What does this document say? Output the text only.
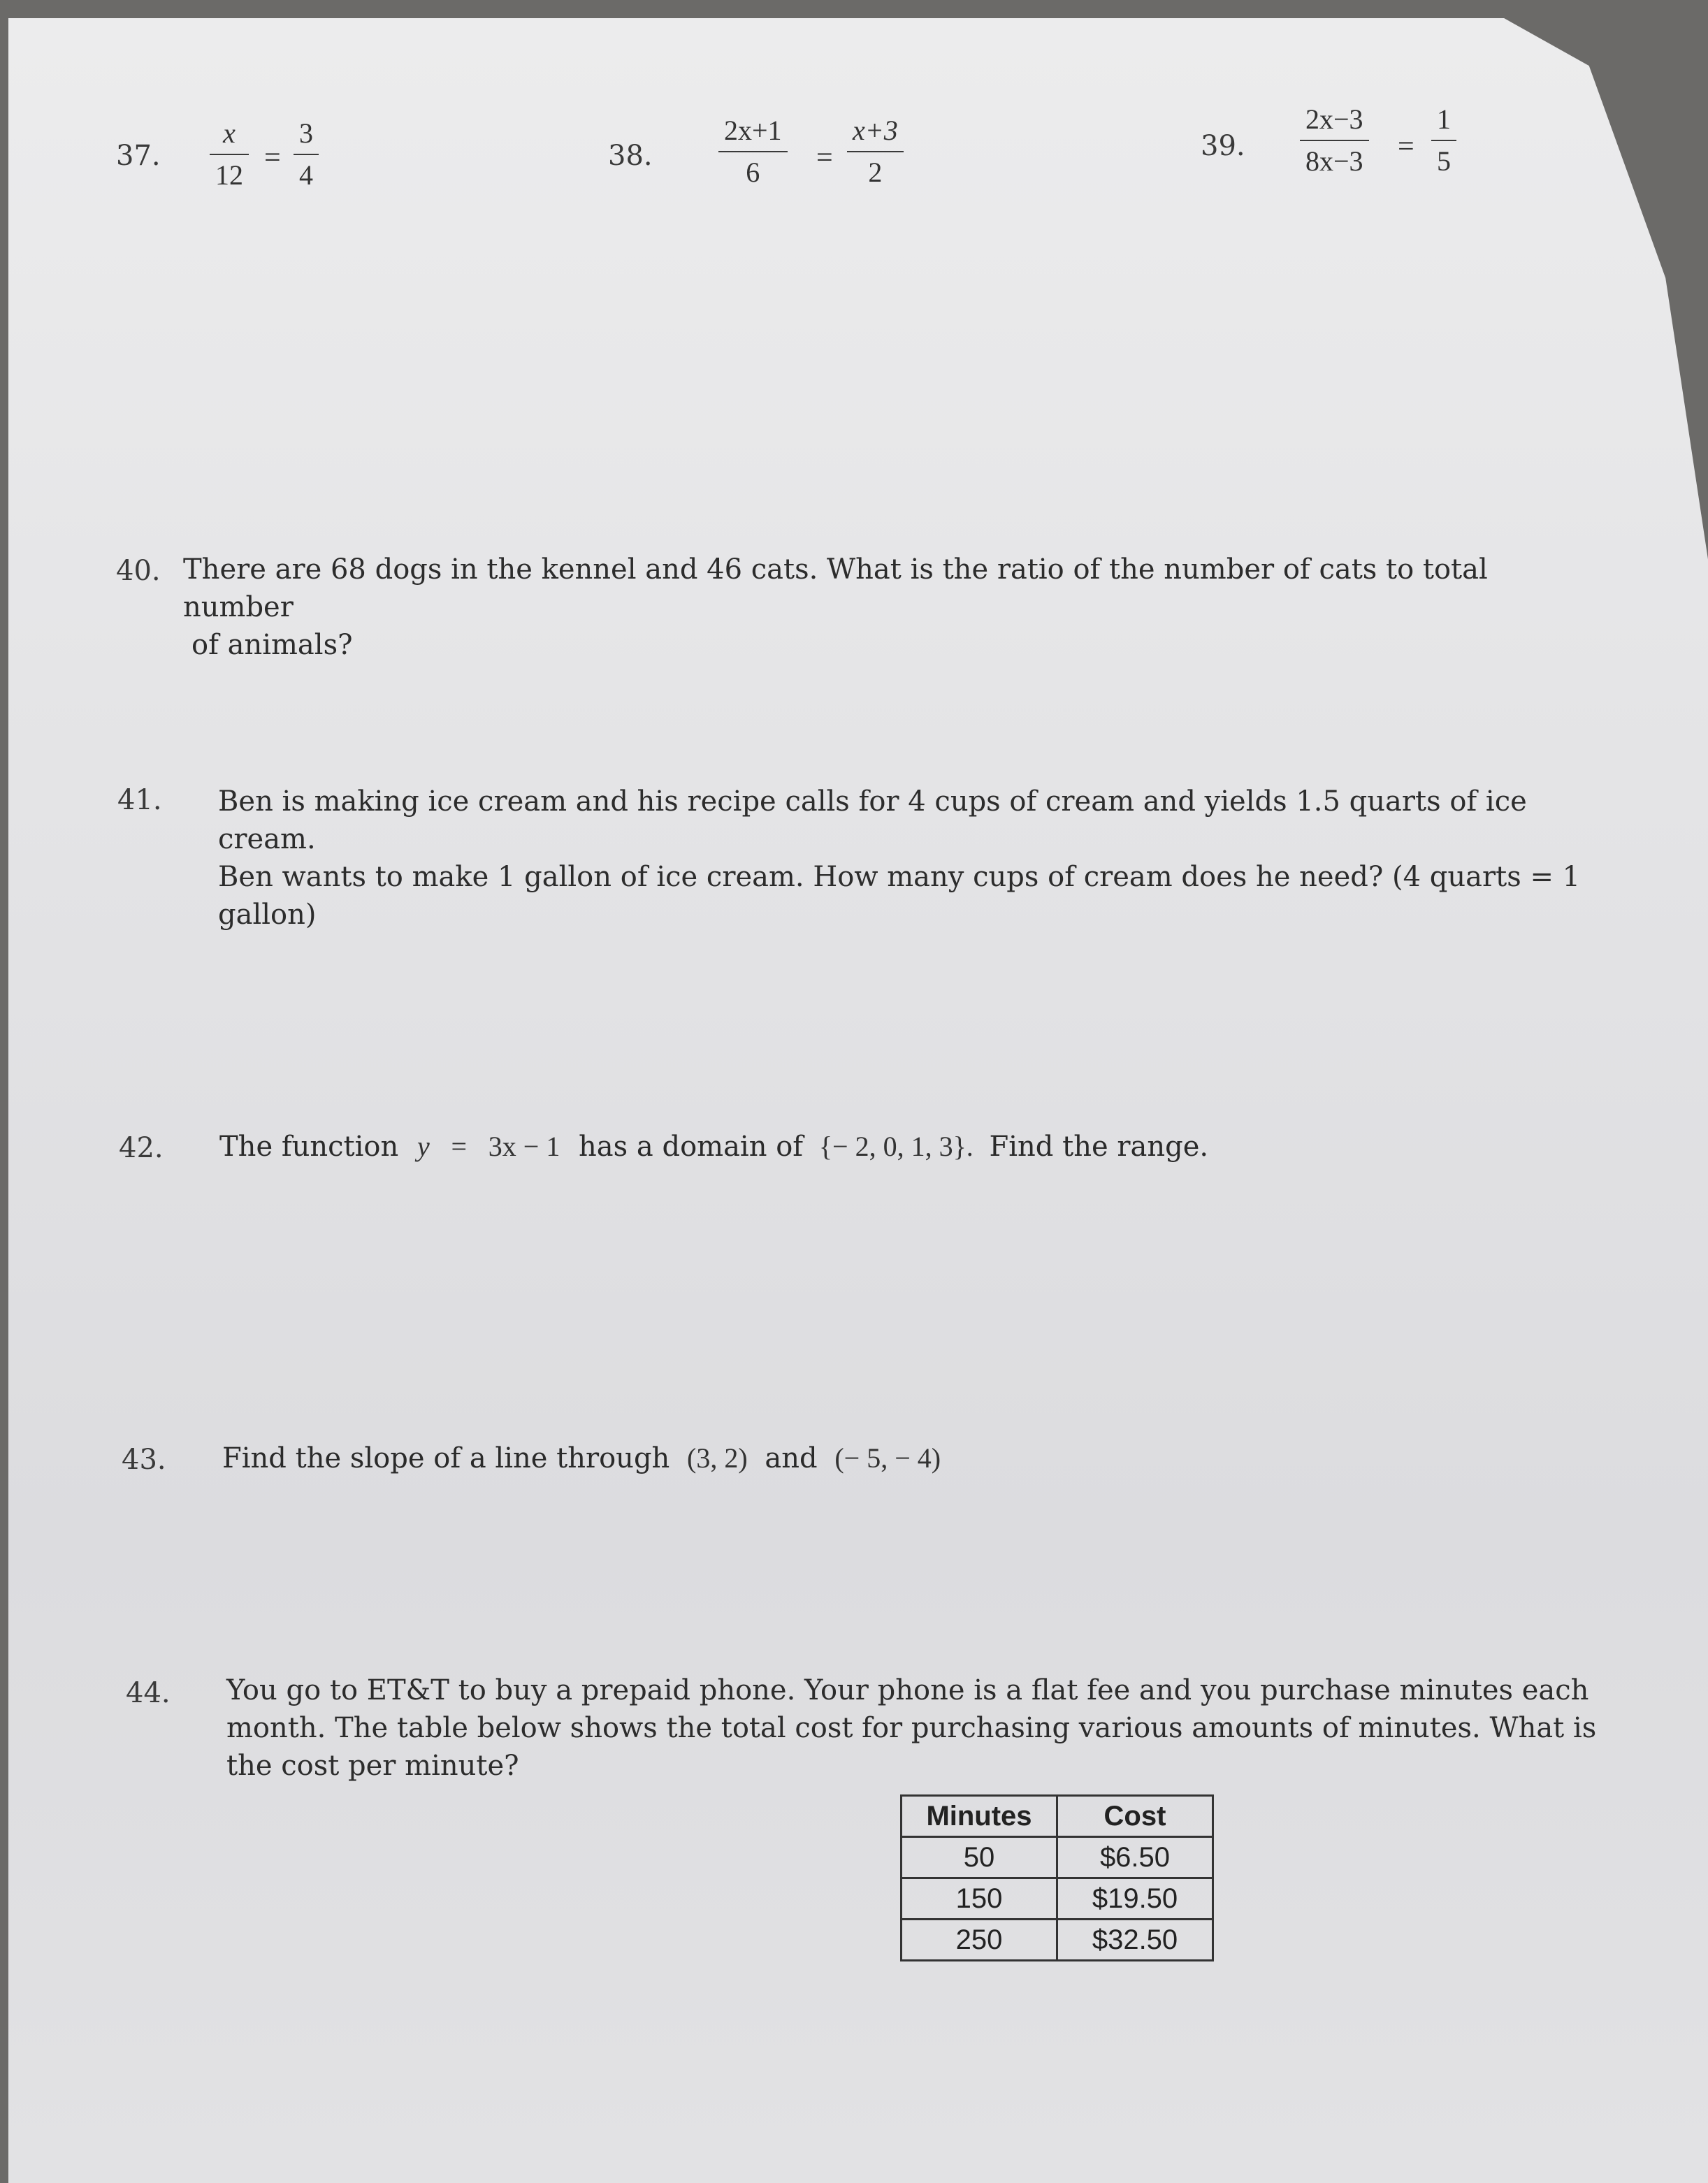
37.
x
12
=
3
4
38.
2x+1
6 =
x+3
2
39.
2x−3
8x−3 =
1
5
40. There are 68 dogs in the kennel and 46 cats. What is the ratio of the number of cats to total number

of animals?

41. Ben is making ice cream and his recipe calls for 4 cups of cream and yields 1.5 quarts of ice cream.

Ben wants to make 1 gallon of ice cream. How many cups of cream does he need? (4 quarts = 1

gallon)

42. The function y = 3x − 1 has a domain of {− 2, 0, 1, 3}. Find the range.
43. Find the slope of a line through (3, 2) and (− 5, − 4)
44. You go to ET&T to buy a prepaid phone. Your phone is a flat fee and you purchase minutes each

month. The table below shows the total cost for purchasing various amounts of minutes. What is

the cost per minute?

Minutes	Cost
50	$6.50
150	$19.50
250	$32.50
